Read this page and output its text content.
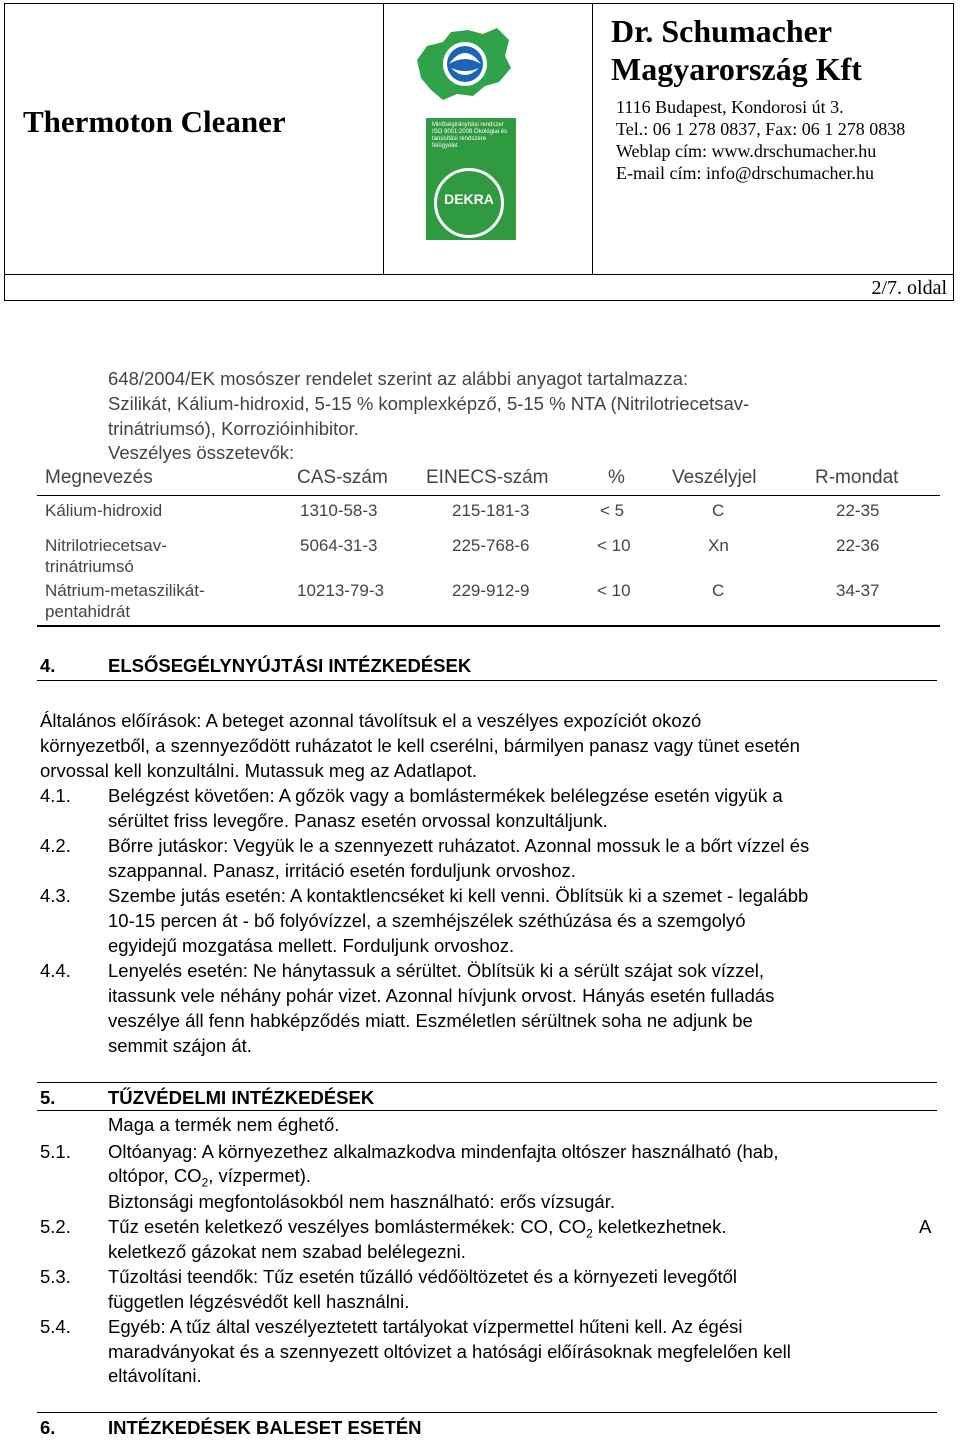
Thermoton Cleaner	Minőségirányítási rendszer ISO 9001:2008 Ökológiai és tanúsítási rendszere felügyelet
DEKRA
Dr. Schumacher
Magyarország Kft
1116 Budapest, Kondorosi út 3.
Tel.: 06 1 278 0837, Fax: 06 1 278 0838
Weblap cím: www.drschumacher.hu
E-mail cím: info@drschumacher.hu
2/7. oldal
648/2004/EK mosószer rendelet szerint az alábbi anyagot tartalmazza:
Szilikát, Kálium-hidroxid, 5-15 % komplexképző, 5-15 % NTA (Nitrilotriecetsav-
trinátriumsó), Korrozióinhibitor.
Veszélyes összetevők:
Megnevezés	CAS-szám EINECS-szám	% Veszélyjel	R-mondat
Kálium-hidroxid	1310-58-3	215-181-3	< 5	C	22-35
Nitrilotriecetsav-
trinátriumsó
5064-31-3	225-768-6	< 10	Xn	22-36
Nátrium-metaszilikát-
pentahidrát
10213-79-3	229-912-9	< 10	C	34-37
4.	ELSŐSEGÉLYNYÚJTÁSI INTÉZKEDÉSEK
Általános előírások: A beteget azonnal távolítsuk el a veszélyes expozíciót okozó
környezetből, a szennyeződött ruházatot le kell cserélni, bármilyen panasz vagy tünet esetén
orvossal kell konzultálni. Mutassuk meg az Adatlapot.
4.1. Belégzést követően: A gőzök vagy a bomlástermékek belélegzése esetén vigyük a
sérültet friss levegőre. Panasz esetén orvossal konzultáljunk.
4.2. Bőrre jutáskor: Vegyük le a szennyezett ruházatot. Azonnal mossuk le a bőrt vízzel és
szappannal. Panasz, irritáció esetén forduljunk orvoshoz.
4.3. Szembe jutás esetén: A kontaktlencséket ki kell venni. Öblítsük ki a szemet - legalább
10-15 percen át - bő folyóvízzel, a szemhéjszélek széthúzása és a szemgolyó
egyidejű mozgatása mellett. Forduljunk orvoshoz.
4.4. Lenyelés esetén: Ne hánytassuk a sérültet. Öblítsük ki a sérült szájat sok vízzel,
itassunk vele néhány pohár vizet. Azonnal hívjunk orvost. Hányás esetén fulladás
veszélye áll fenn habképződés miatt. Eszméletlen sérültnek soha ne adjunk be
semmit szájon át.
5.	TŰZVÉDELMI INTÉZKEDÉSEK
Maga a termék nem éghető.
5.1. Oltóanyag: A környezethez alkalmazkodva mindenfajta oltószer használható (hab,
oltópor, $CO_2$, vízpermet).
Biztonsági megfontolásokból nem használható: erős vízsugár.
5.2. Tűz esetén keletkező veszélyes bomlástermékek: CO, $CO_2$ keletkezhetnek.	A
keletkező gázokat nem szabad belélegezni.
5.3. Tűzoltási teendők: Tűz esetén tűzálló védőöltözetet és a környezeti levegőtől
független légzésvédőt kell használni.
5.4. Egyéb: A tűz által veszélyeztetett tartályokat vízpermettel hűteni kell. Az égési
maradványokat és a szennyezett oltóvizet a hatósági előírásoknak megfelelően kell
eltávolítani.
6.	INTÉZKEDÉSEK BALESET ESETÉN
